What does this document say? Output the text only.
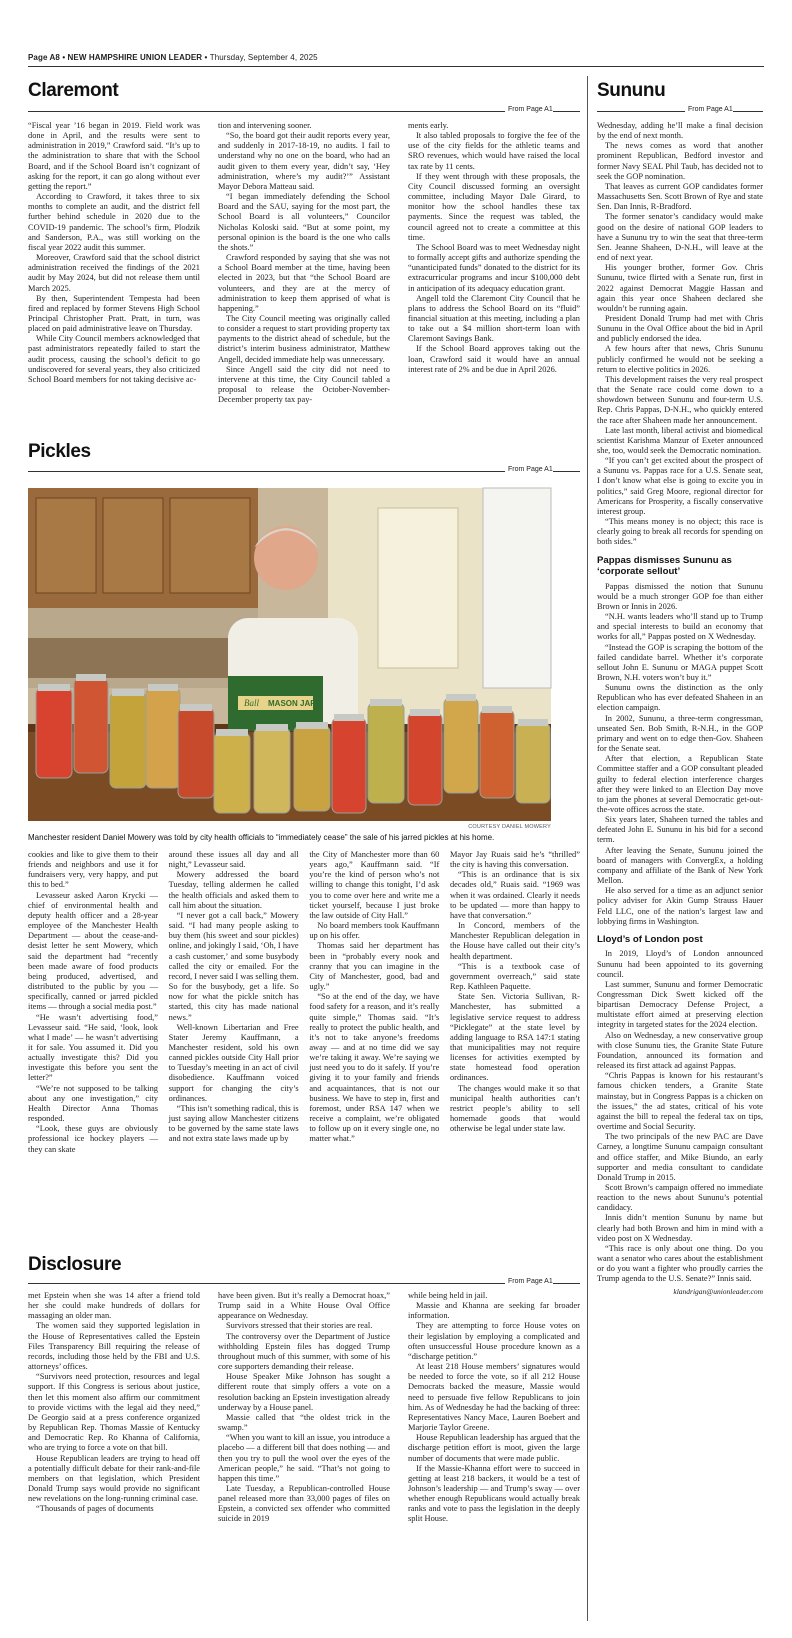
Page A8 • NEW HAMPSHIRE UNION LEADER • Thursday, September 4, 2025
Claremont
From Page A1

“Fiscal year ’16 began in 2019. Field work was done in April, and the results were sent to administration in 2019,” Crawford said. “It’s up to the administration to share that with the School Board, and if the School Board isn’t cognizant of asking for the report, it can go along without ever getting the report.”

According to Crawford, it takes three to six months to complete an audit, and the district fell further behind schedule in 2020 due to the COVID-19 pandemic. The school’s firm, Plodzik and Sanderson, P.A., was still working on the fiscal year 2022 audit this summer.

Moreover, Crawford said that the school district administration received the findings of the 2021 audit by May 2024, but did not release them until March 2025.

By then, Superintendent Tempesta had been fired and replaced by former Stevens High School Principal Christopher Pratt. Pratt, in turn, was placed on paid administrative leave on Thursday.

While City Council members acknowledged that past administrators repeatedly failed to start the audit process, causing the school’s deficit to go undiscovered for several years, they also criticized School Board members for not taking decisive ac-

tion and intervening sooner.

“So, the board got their audit reports every year, and suddenly in 2017-18-19, no audits. I fail to understand why no one on the board, who had an audit given to them every year, didn’t say, ‘Hey administration, where’s my audit?’” Assistant Mayor Debora Matteau said.

“I began immediately defending the School Board and the SAU, saying for the most part, the School Board is all volunteers,” Councilor Nicholas Koloski said. “But at some point, my personal opinion is the board is the one who calls the shots.”

Crawford responded by saying that she was not a School Board member at the time, having been elected in 2023, but that “the School Board are volunteers, and they are at the mercy of administration to keep them apprised of what is happening.”

The City Council meeting was originally called to consider a request to start providing property tax payments to the district ahead of schedule, but the district’s interim business administrator, Matthew Angell, decided immediate help was unnecessary.

Since Angell said the city did not need to intervene at this time, the City Council tabled a proposal to release the October-November-December property tax pay-

ments early.

It also tabled proposals to forgive the fee of the use of the city fields for the athletic teams and SRO revenues, which would have raised the local tax rate by 11 cents.

If they went through with these proposals, the City Council discussed forming an oversight committee, including Mayor Dale Girard, to monitor how the school handles these tax payments. Since the request was tabled, the council agreed not to create a committee at this time.

The School Board was to meet Wednesday night to formally accept gifts and authorize spending the “unanticipated funds” donated to the district for its extracurricular programs and incur $100,000 debt in anticipation of its adequacy education grant.

Angell told the Claremont City Council that he plans to address the School Board on its “fluid” financial situation at this meeting, including a plan to take out a $4 million short-term loan with Claremont Savings Bank.

If the School Board approves taking out the loan, Crawford said it would have an annual interest rate of 2% and be due in April 2026.

Pickles
From Page A1
Ball MASON JARS
COURTESY DANIEL MOWERY
Manchester resident Daniel Mowery was told by city health officials to “immediately cease” the sale of his jarred pickles at his home.

cookies and like to give them to their friends and neighbors and use it for fundraisers very, very happy, and put this to bed.”

Levasseur asked Aaron Krycki — chief of environmental health and deputy health officer and a 28-year employee of the Manchester Health Department — about the cease-and-desist letter he sent Mowery, which said the department had “recently been made aware of food products being produced, advertised, and distributed to the public by you — specifically, canned or jarred pickled items — through a social media post.”

“He wasn’t advertising food,” Levasseur said. “He said, ‘look, look what I made’ — he wasn’t advertising it for sale. You assumed it. Did you actually investigate this? Did you investigate this before you sent the letter?”

“We’re not supposed to be talking about any one investigation,” city Health Director Anna Thomas responded.

“Look, these guys are obviously professional ice hockey players — they can skate

around these issues all day and all night,” Levasseur said.

Mowery addressed the board Tuesday, telling aldermen he called the health officials and asked them to call him about the situation.

“I never got a call back,” Mowery said. “I had many people asking to buy them (his sweet and sour pickles) online, and jokingly I said, ‘Oh, I have a cash customer,’ and some busybody called the city or emailed. For the record, I never said I was selling them. So for the busybody, get a life. So now for what the pickle snitch has started, this city has made national news.”

Well-known Libertarian and Free Stater Jeremy Kauffmann, a Manchester resident, sold his own canned pickles outside City Hall prior to Tuesday’s meeting in an act of civil disobedience. Kauffmann voiced support for changing the city’s ordinances.

“This isn’t something radical, this is just saying allow Manchester citizens to be governed by the same state laws and not extra state laws made up by

the City of Manchester more than 60 years ago,” Kauffmann said. “If you’re the kind of person who’s not willing to change this tonight, I’d ask you to come over here and write me a ticket yourself, because I just broke the law outside of City Hall.”

No board members took Kauffmann up on his offer.

Thomas said her department has been in “probably every nook and cranny that you can imagine in the City of Manchester, good, bad and ugly.”

“So at the end of the day, we have food safety for a reason, and it’s really quite simple,” Thomas said. “It’s really to protect the public health, and it’s not to take anyone’s freedoms away — and at no time did we say we’re taking it away. We’re saying we just need you to do it safely. If you’re giving it to your family and friends and acquaintances, that is not our business. We have to step in, first and foremost, under RSA 147 when we receive a complaint, we’re obligated to follow up on it every single one, no matter what.”

Mayor Jay Ruais said he’s “thrilled” the city is having this conversation.

“This is an ordinance that is six decades old,” Ruais said. “1969 was when it was ordained. Clearly it needs to be updated — more than happy to have that conversation.”

In Concord, members of the Manchester Republican delegation in the House have called out their city’s health department.

“This is a textbook case of government overreach,” said state Rep. Kathleen Paquette.

State Sen. Victoria Sullivan, R-Manchester, has submitted a legislative service request to address “Picklegate” at the state level by adding language to RSA 147:1 stating that municipalities may not require licenses for activities exempted by state homestead food operation ordinances.

The changes would make it so that municipal health authorities can’t restrict people’s ability to sell homemade goods that would otherwise be legal under state law.

Disclosure
From Page A1

met Epstein when she was 14 after a friend told her she could make hundreds of dollars for massaging an older man.

The women said they supported legislation in the House of Representatives called the Epstein Files Transparency Bill requiring the release of records, including those held by the FBI and U.S. attorneys’ offices.

“Survivors need protection, resources and legal support. If this Congress is serious about justice, then let this moment also affirm our commitment to provide victims with the legal aid they need,” De Georgio said at a press conference organized by Republican Rep. Thomas Massie of Kentucky and Democratic Rep. Ro Khanna of California, who are trying to force a vote on that bill.

House Republican leaders are trying to head off a potentially difficult debate for their rank-and-file members on that legislation, which President Donald Trump says would provide no significant new revelations on the long-running criminal case.

“Thousands of pages of documents

have been given. But it’s really a Democrat hoax,” Trump said in a White House Oval Office appearance on Wednesday.

Survivors stressed that their stories are real.

The controversy over the Department of Justice withholding Epstein files has dogged Trump throughout much of this summer, with some of his core supporters demanding their release.

House Speaker Mike Johnson has sought a different route that simply offers a vote on a resolution backing an Epstein investigation already underway by a House panel.

Massie called that “the oldest trick in the swamp.”

“When you want to kill an issue, you introduce a placebo — a different bill that does nothing — and then you try to pull the wool over the eyes of the American people,” he said. “That’s not going to happen this time.”

Late Tuesday, a Republican-controlled House panel released more than 33,000 pages of files on Epstein, a convicted sex offender who committed suicide in 2019

while being held in jail.

Massie and Khanna are seeking far broader information.

They are attempting to force House votes on their legislation by employing a complicated and often unsuccessful House procedure known as a “discharge petition.”

At least 218 House members’ signatures would be needed to force the vote, so if all 212 House Democrats backed the measure, Massie would need to persuade five fellow Republicans to join him. As of Wednesday he had the backing of three: Representatives Nancy Mace, Lauren Boebert and Marjorie Taylor Greene.

House Republican leadership has argued that the discharge petition effort is moot, given the large number of documents that were made public.

If the Massie-Khanna effort were to succeed in getting at least 218 backers, it would be a test of Johnson’s leadership — and Trump’s sway — over whether enough Republicans would actually break ranks and vote to pass the legislation in the deeply split House.

Sununu
From Page A1

Wednesday, adding he’ll make a final decision by the end of next month.

The news comes as word that another prominent Republican, Bedford investor and former Navy SEAL Phil Taub, has decided not to seek the GOP nomination.

That leaves as current GOP candidates former Massachusetts Sen. Scott Brown of Rye and state Sen. Dan Innis, R-Bradford.

The former senator’s candidacy would make good on the desire of national GOP leaders to have a Sununu try to win the seat that three-term Sen. Jeanne Shaheen, D-N.H., will leave at the end of next year.

His younger brother, former Gov. Chris Sununu, twice flirted with a Senate run, first in 2022 against Democrat Maggie Hassan and again this year once Shaheen declared she wouldn’t be running again.

President Donald Trump had met with Chris Sununu in the Oval Office about the bid in April and publicly endorsed the idea.

A few hours after that news, Chris Sununu publicly confirmed he would not be seeking a return to elective politics in 2026.

This development raises the very real prospect that the Senate race could come down to a showdown between Sununu and four-term U.S. Rep. Chris Pappas, D-N.H., who quickly entered the race after Shaheen made her announcement.

Late last month, liberal activist and biomedical scientist Karishma Manzur of Exeter announced she, too, would seek the Democratic nomination.

“If you can’t get excited about the prospect of a Sununu vs. Pappas race for a U.S. Senate seat, I don’t know what else is going to excite you in politics,” said Greg Moore, regional director for Americans for Prosperity, a fiscally conservative interest group.

“This means money is no object; this race is clearly going to break all records for spending on both sides.”

Pappas dismisses Sununu as ‘corporate sellout’

Pappas dismissed the notion that Sununu would be a much stronger GOP foe than either Brown or Innis in 2026.

“N.H. wants leaders who’ll stand up to Trump and special interests to build an economy that works for all,” Pappas posted on X Wednesday.

“Instead the GOP is scraping the bottom of the failed candidate barrel. Whether it’s corporate sellout John E. Sununu or MAGA puppet Scott Brown, N.H. voters won’t buy it.”

Sununu owns the distinction as the only Republican who has ever defeated Shaheen in an election campaign.

In 2002, Sununu, a three-term congressman, unseated Sen. Bob Smith, R-N.H., in the GOP primary and went on to edge then-Gov. Shaheen for the Senate seat.

After that election, a Republican State Committee staffer and a GOP consultant pleaded guilty to federal election interference charges after they were linked to an Election Day move to jam the phones at several Democratic get-out-the-vote offices across the state.

Six years later, Shaheen turned the tables and defeated John E. Sununu in his bid for a second term.

After leaving the Senate, Sununu joined the board of managers with ConvergEx, a holding company and affiliate of the Bank of New York Mellon.

He also served for a time as an adjunct senior policy adviser for Akin Gump Strauss Hauer Feld LLC, one of the nation’s largest law and lobbying firms in Washington.

Lloyd’s of London post

In 2019, Lloyd’s of London announced Sununu had been appointed to its governing council.

Last summer, Sununu and former Democratic Congressman Dick Swett kicked off the bipartisan Democracy Defense Project, a multistate effort aimed at preserving election integrity in targeted states for the 2024 election.

Also on Wednesday, a new conservative group with close Sununu ties, the Granite State Future Foundation, announced its formation and released its first attack ad against Pappas.

“Chris Pappas is known for his restaurant’s famous chicken tenders, a Granite State mainstay, but in Congress Pappas is a chicken on the issues,” the ad states, critical of his vote against the bill to repeal the federal tax on tips, overtime and Social Security.

The two principals of the new PAC are Dave Carney, a longtime Sununu campaign consultant and office staffer, and Mike Biundo, an early supporter and media consultant to candidate Donald Trump in 2015.

Scott Brown’s campaign offered no immediate reaction to the news about Sununu’s potential candidacy.

Innis didn’t mention Sununu by name but clearly had both Brown and him in mind with a video post on X Wednesday.

“This race is only about one thing. Do you want a senator who cares about the establishment or do you want a fighter who proudly carries the Trump agenda to the U.S. Senate?” Innis said.

klandrigan@unionleader.com
